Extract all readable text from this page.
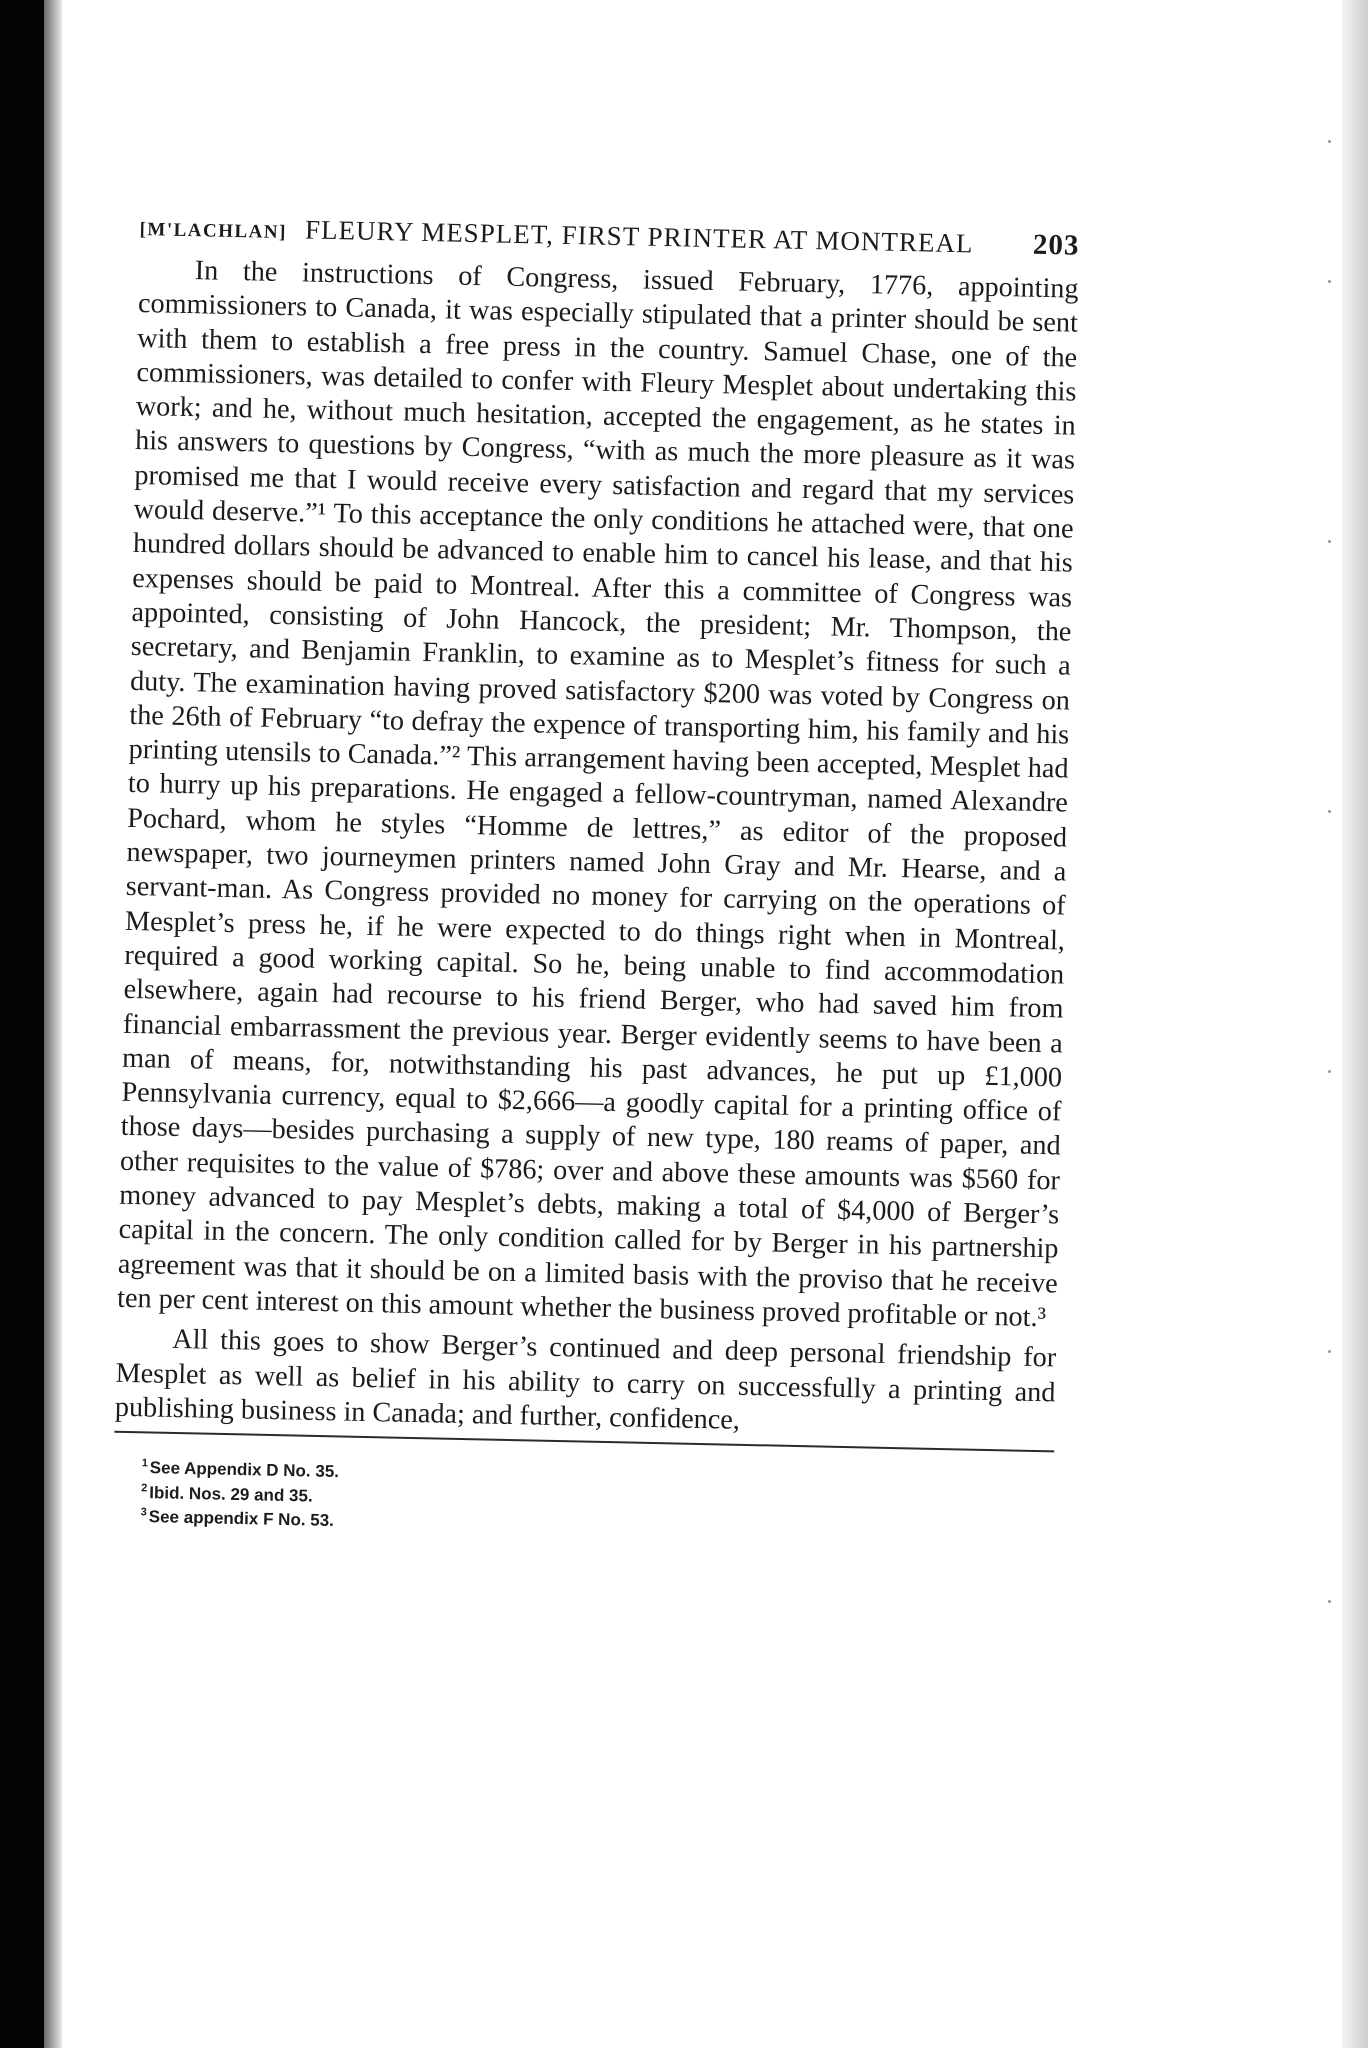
[M'LACHLAN] FLEURY MESPLET, FIRST PRINTER AT MONTREAL	203

In the instructions of Congress, issued February, 1776, appointing commissioners to Canada, it was especially stipulated that a printer should be sent with them to establish a free press in the country. Samuel Chase, one of the commissioners, was detailed to confer with Fleury Mesplet about undertaking this work; and he, without much hesitation, accepted the engagement, as he states in his answers to questions by Congress, “with as much the more pleasure as it was promised me that I would receive every satisfaction and regard that my services would deserve.”¹ To this acceptance the only conditions he attached were, that one hundred dollars should be advanced to enable him to cancel his lease, and that his expenses should be paid to Montreal. After this a committee of Congress was appointed, consisting of John Hancock, the president; Mr. Thompson, the secretary, and Benjamin Franklin, to examine as to Mesplet’s fitness for such a duty. The examination having proved satisfactory $200 was voted by Congress on the 26th of February “to defray the expence of transporting him, his family and his printing utensils to Canada.”² This arrangement having been accepted, Mesplet had to hurry up his preparations. He engaged a fellow-countryman, named Alexandre Pochard, whom he styles “Homme de lettres,” as editor of the proposed newspaper, two journeymen printers named John Gray and Mr. Hearse, and a servant-man. As Congress provided no money for carrying on the operations of Mesplet’s press he, if he were expected to do things right when in Montreal, required a good working capital. So he, being unable to find accommodation elsewhere, again had recourse to his friend Berger, who had saved him from financial embarrassment the previous year. Berger evidently seems to have been a man of means, for, notwithstanding his past advances, he put up £1,000 Pennsylvania currency, equal to $2,666—a goodly capital for a printing office of those days—besides purchasing a supply of new type, 180 reams of paper, and other requisites to the value of $786; over and above these amounts was $560 for money advanced to pay Mesplet’s debts, making a total of $4,000 of Berger’s capital in the concern. The only condition called for by Berger in his partnership agreement was that it should be on a limited basis with the proviso that he receive ten per cent interest on this amount whether the business proved profitable or not.³

All this goes to show Berger’s continued and deep personal friendship for Mesplet as well as belief in his ability to carry on successfully a printing and publishing business in Canada; and further, confidence,

$^1$See Appendix D No. 35.
$^2$Ibid. Nos. 29 and 35.
$^3$See appendix F No. 53.
